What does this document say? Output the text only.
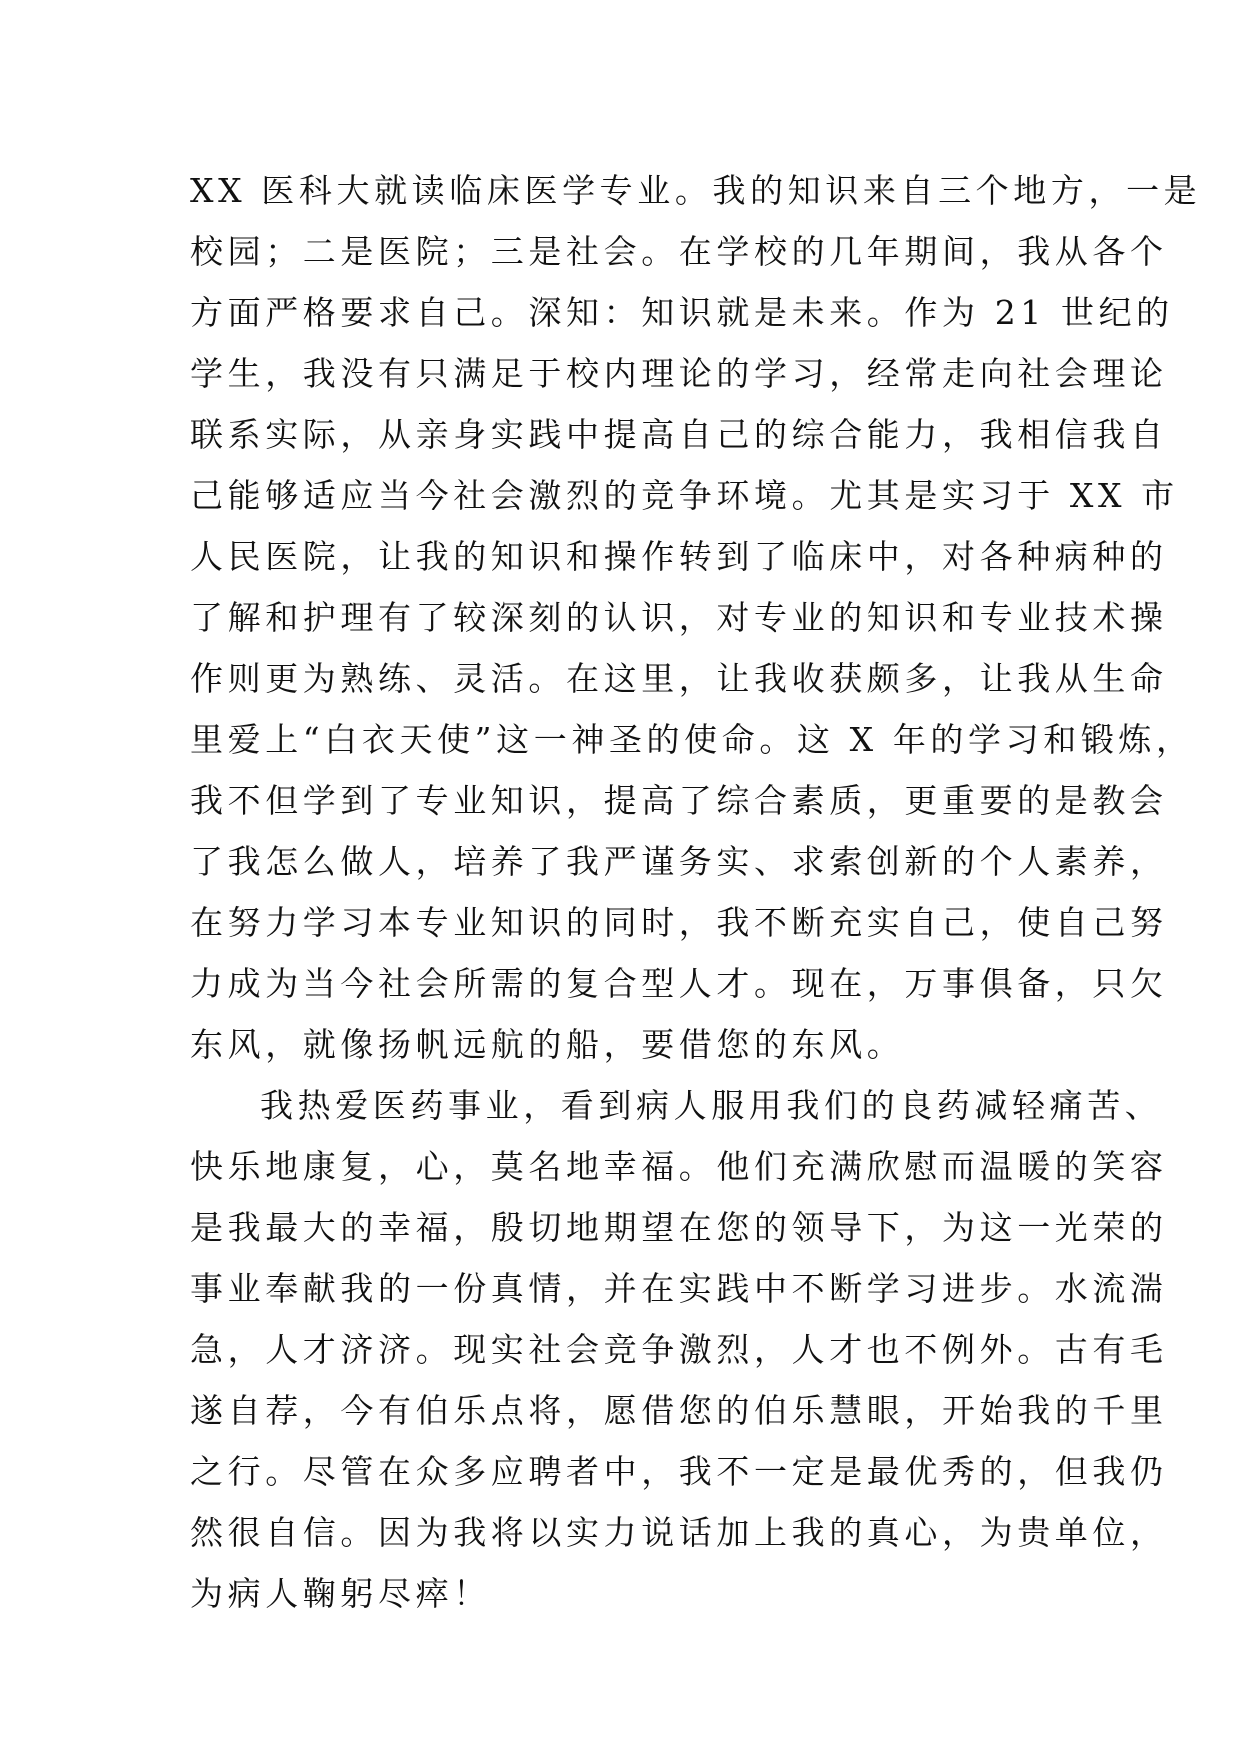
XX 医科大就读临床医学专业。我的知识来自三个地方，一是
校园；二是医院；三是社会。在学校的几年期间，我从各个
方面严格要求自己。深知：知识就是未来。作为 21 世纪的
学生，我没有只满足于校内理论的学习，经常走向社会理论
联系实际，从亲身实践中提高自己的综合能力，我相信我自
己能够适应当今社会激烈的竞争环境。尤其是实习于 XX 市
人民医院，让我的知识和操作转到了临床中，对各种病种的
了解和护理有了较深刻的认识，对专业的知识和专业技术操
作则更为熟练、灵活。在这里，让我收获颇多，让我从生命
里爱上“白衣天使”这一神圣的使命。这 X 年的学习和锻炼，
我不但学到了专业知识，提高了综合素质，更重要的是教会
了我怎么做人，培养了我严谨务实、求索创新的个人素养，
在努力学习本专业知识的同时，我不断充实自己，使自己努
力成为当今社会所需的复合型人才。现在，万事俱备，只欠
东风，就像扬帆远航的船，要借您的东风。
我热爱医药事业，看到病人服用我们的良药减轻痛苦、
快乐地康复，心，莫名地幸福。他们充满欣慰而温暖的笑容
是我最大的幸福，殷切地期望在您的领导下，为这一光荣的
事业奉献我的一份真情，并在实践中不断学习进步。水流湍
急，人才济济。现实社会竞争激烈，人才也不例外。古有毛
遂自荐，今有伯乐点将，愿借您的伯乐慧眼，开始我的千里
之行。尽管在众多应聘者中，我不一定是最优秀的，但我仍
然很自信。因为我将以实力说话加上我的真心，为贵单位，
为病人鞠躬尽瘁！
